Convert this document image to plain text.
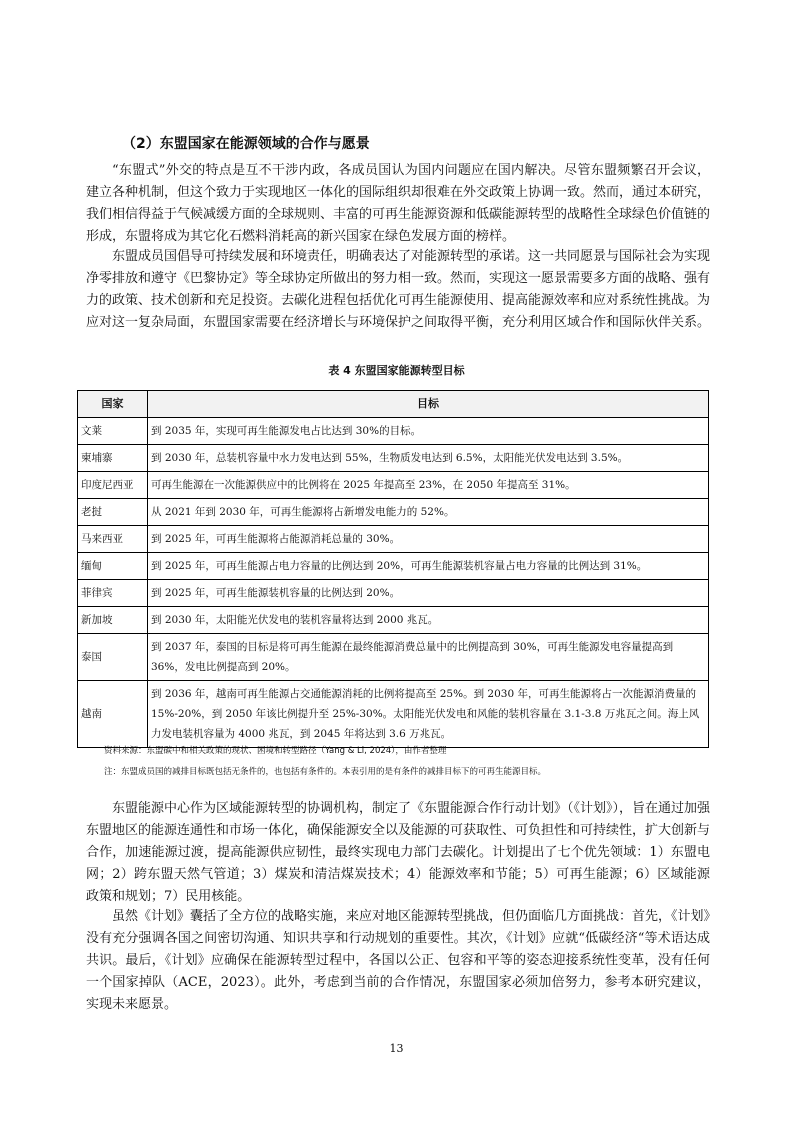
（2）东盟国家在能源领域的合作与愿景

“东盟式”外交的特点是互不干涉内政，各成员国认为国内问题应在国内解决。尽管东盟频繁召开会议，建立各种机制，但这个致力于实现地区一体化的国际组织却很难在外交政策上协调一致。然而，通过本研究，我们相信得益于气候减缓方面的全球规则、丰富的可再生能源资源和低碳能源转型的战略性全球绿色价值链的形成，东盟将成为其它化石燃料消耗高的新兴国家在绿色发展方面的榜样。

东盟成员国倡导可持续发展和环境责任，明确表达了对能源转型的承诺。这一共同愿景与国际社会为实现净零排放和遵守《巴黎协定》等全球协定所做出的努力相一致。然而，实现这一愿景需要多方面的战略、强有力的政策、技术创新和充足投资。去碳化进程包括优化可再生能源使用、提高能源效率和应对系统性挑战。为应对这一复杂局面，东盟国家需要在经济增长与环境保护之间取得平衡，充分利用区域合作和国际伙伴关系。

表 4 东盟国家能源转型目标
国家	目标
文莱	到 2035 年，实现可再生能源发电占比达到 30%的目标。
柬埔寨	到 2030 年，总装机容量中水力发电达到 55%，生物质发电达到 6.5%，太阳能光伏发电达到 3.5%。
印度尼西亚	可再生能源在一次能源供应中的比例将在 2025 年提高至 23%，在 2050 年提高至 31%。
老挝	从 2021 年到 2030 年，可再生能源将占新增发电能力的 52%。
马来西亚	到 2025 年，可再生能源将占能源消耗总量的 30%。
缅甸	到 2025 年，可再生能源占电力容量的比例达到 20%，可再生能源装机容量占电力容量的比例达到 31%。
菲律宾	到 2025 年，可再生能源装机容量的比例达到 20%。
新加坡	到 2030 年，太阳能光伏发电的装机容量将达到 2000 兆瓦。
泰国	到 2037 年，泰国的目标是将可再生能源在最终能源消费总量中的比例提高到 30%，可再生能源发电容量提高到 36%，发电比例提高到 20%。
越南	到 2036 年，越南可再生能源占交通能源消耗的比例将提高至 25%。到 2030 年，可再生能源将占一次能源消费量的 15%-20%，到 2050 年该比例提升至 25%-30%。太阳能光伏发电和风能的装机容量在 3.1-3.8 万兆瓦之间。海上风力发电装机容量为 4000 兆瓦，到 2045 年将达到 3.6 万兆瓦。
资料来源：东盟碳中和相关政策的现状、困境和转型路径（Yang & Li, 2024），由作者整理
注：东盟成员国的减排目标既包括无条件的，也包括有条件的。本表引用的是有条件的减排目标下的可再生能源目标。

东盟能源中心作为区域能源转型的协调机构，制定了《东盟能源合作行动计划》（《计划》），旨在通过加强东盟地区的能源连通性和市场一体化，确保能源安全以及能源的可获取性、可负担性和可持续性，扩大创新与合作，加速能源过渡，提高能源供应韧性，最终实现电力部门去碳化。计划提出了七个优先领域：1）东盟电网；2）跨东盟天然气管道；3）煤炭和清洁煤炭技术；4）能源效率和节能；5）可再生能源；6）区域能源政策和规划；7）民用核能。

虽然《计划》囊括了全方位的战略实施，来应对地区能源转型挑战，但仍面临几方面挑战：首先，《计划》没有充分强调各国之间密切沟通、知识共享和行动规划的重要性。其次，《计划》应就“低碳经济“等术语达成共识。最后，《计划》应确保在能源转型过程中，各国以公正、包容和平等的姿态迎接系统性变革，没有任何一个国家掉队（ACE，2023）。此外，考虑到当前的合作情况，东盟国家必须加倍努力，参考本研究建议，实现未来愿景。

13
